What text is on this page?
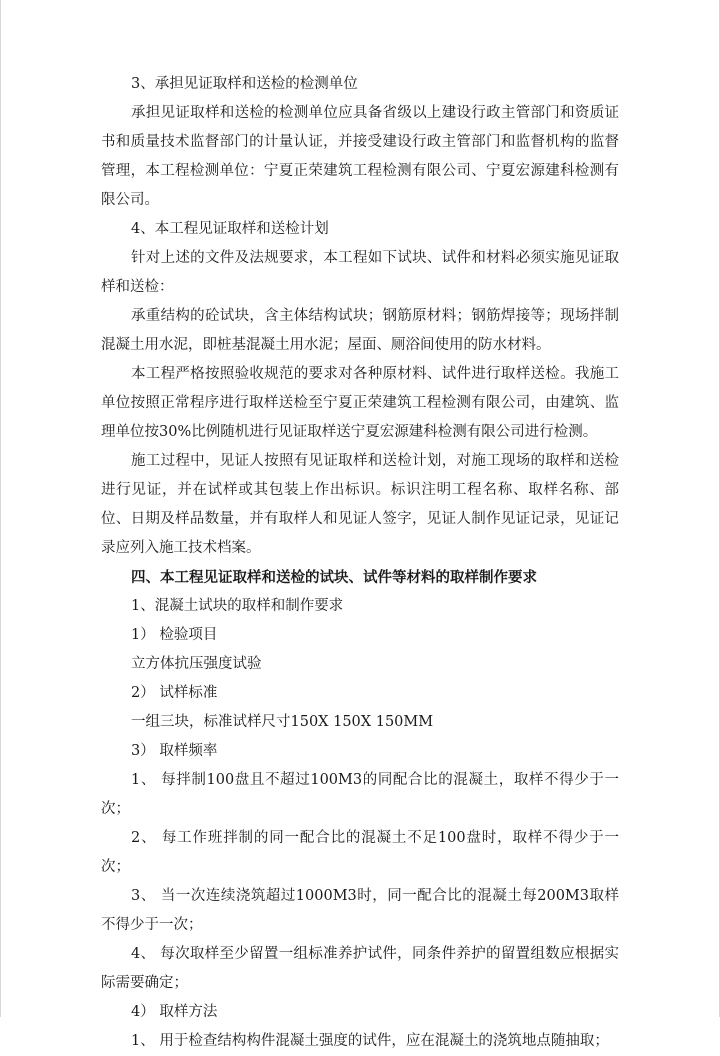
3、承担见证取样和送检的检测单位

承担见证取样和送检的检测单位应具备省级以上建设行政主管部门和资质证书和质量技术监督部门的计量认证，并接受建设行政主管部门和监督机构的监督管理，本工程检测单位：宁夏正荣建筑工程检测有限公司、宁夏宏源建科检测有限公司。

4、本工程见证取样和送检计划

针对上述的文件及法规要求，本工程如下试块、试件和材料必须实施见证取样和送检：

承重结构的砼试块，含主体结构试块；钢筋原材料；钢筋焊接等；现场拌制混凝土用水泥，即桩基混凝土用水泥；屋面、厕浴间使用的防水材料。

本工程严格按照验收规范的要求对各种原材料、试件进行取样送检。我施工单位按照正常程序进行取样送检至宁夏正荣建筑工程检测有限公司，由建筑、监理单位按30%比例随机进行见证取样送宁夏宏源建科检测有限公司进行检测。

施工过程中，见证人按照有见证取样和送检计划，对施工现场的取样和送检进行见证，并在试样或其包装上作出标识。标识注明工程名称、取样名称、部位、日期及样品数量，并有取样人和见证人签字，见证人制作见证记录，见证记录应列入施工技术档案。

四、本工程见证取样和送检的试块、试件等材料的取样制作要求

1、混凝土试块的取样和制作要求

1） 检验项目

立方体抗压强度试验

2） 试样标准

一组三块，标准试样尺寸150X 150X 150MM

3） 取样频率

1、 每拌制100盘且不超过100M3的同配合比的混凝土，取样不得少于一次；

2、 每工作班拌制的同一配合比的混凝土不足100盘时，取样不得少于一次；

3、 当一次连续浇筑超过1000M3时，同一配合比的混凝土每200M3取样不得少于一次；

4、 每次取样至少留置一组标准养护试件，同条件养护的留置组数应根据实际需要确定；

4） 取样方法

1、 用于检查结构构件混凝土强度的试件，应在混凝土的浇筑地点随抽取；
